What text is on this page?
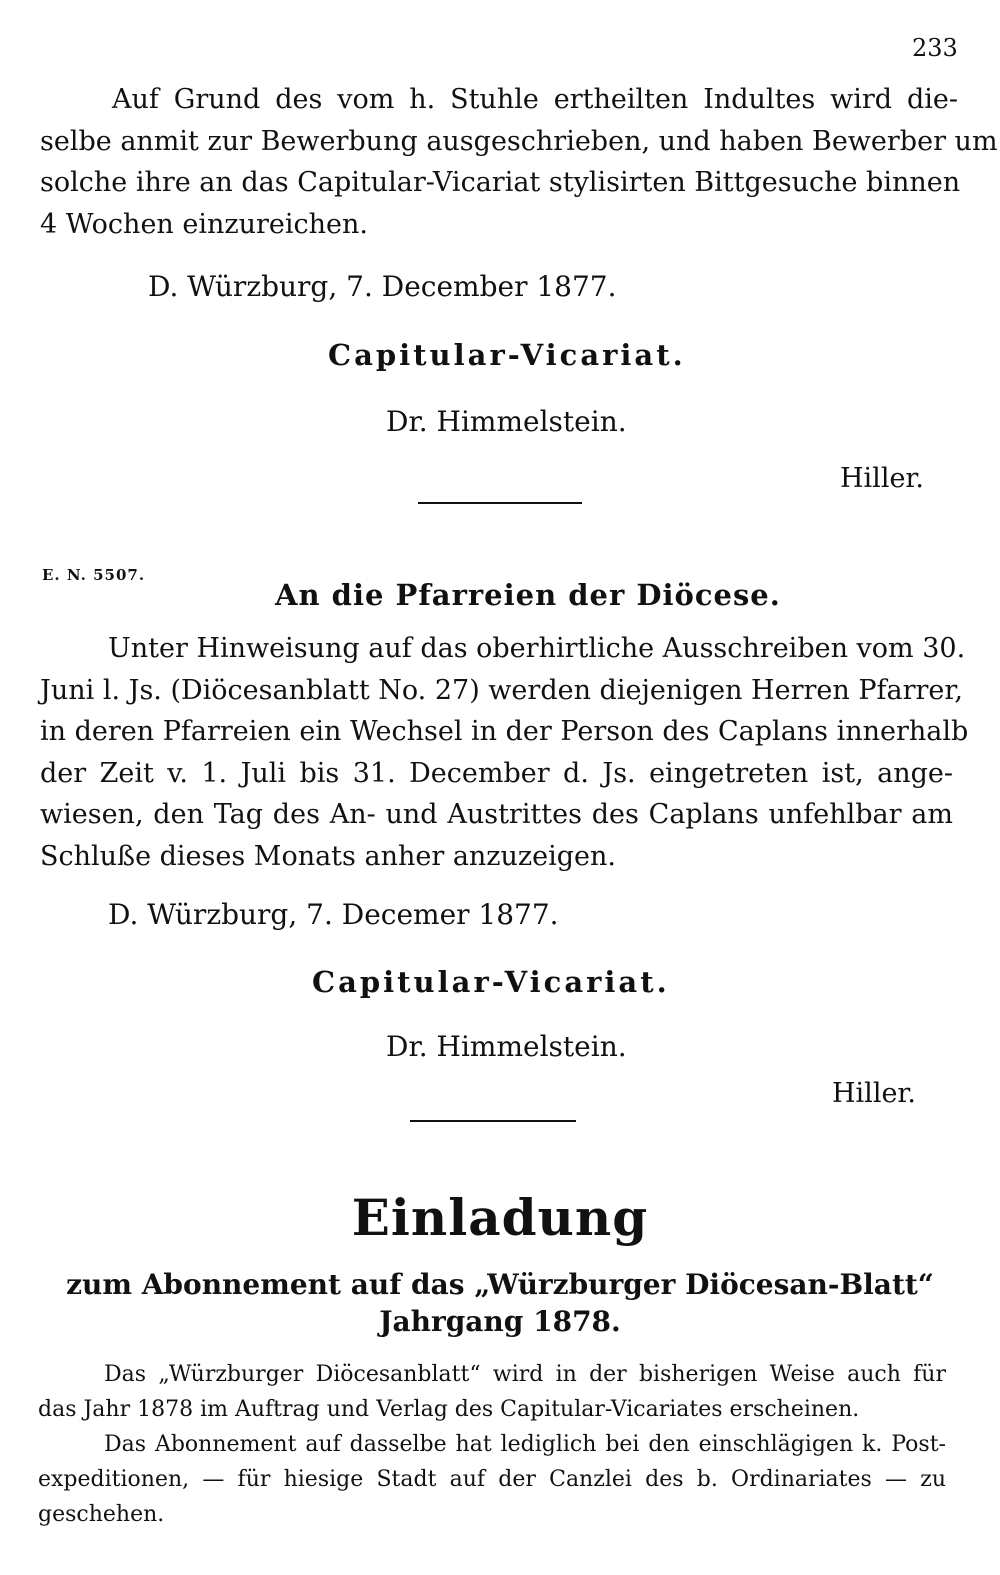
233
Auf Grund des vom h. Stuhle ertheilten Indultes wird die-
selbe anmit zur Bewerbung ausgeschrieben, und haben Bewerber um
solche ihre an das Capitular-Vicariat stylisirten Bittgesuche binnen
4 Wochen einzureichen.
D. Würzburg, 7. December 1877.
Capitular-Vicariat.
Dr. Himmelstein.
Hiller.
E. N. 5507.
An die Pfarreien der Diöcese.
Unter Hinweisung auf das oberhirtliche Ausschreiben vom 30.
Juni l. Js. (Diöcesanblatt No. 27) werden diejenigen Herren Pfarrer,
in deren Pfarreien ein Wechsel in der Person des Caplans innerhalb
der Zeit v. 1. Juli bis 31. December d. Js. eingetreten ist, ange-
wiesen, den Tag des An- und Austrittes des Caplans unfehlbar am
Schluße dieses Monats anher anzuzeigen.
D. Würzburg, 7. Decemer 1877.
Capitular-Vicariat.
Dr. Himmelstein.
Hiller.
Einladung
zum Abonnement auf das „Würzburger Diöcesan-Blatt“
Jahrgang 1878.
Das „Würzburger Diöcesanblatt“ wird in der bisherigen Weise auch für
das Jahr 1878 im Auftrag und Verlag des Capitular-Vicariates erscheinen.
Das Abonnement auf dasselbe hat lediglich bei den einschlägigen k. Post-
expeditionen, — für hiesige Stadt auf der Canzlei des b. Ordinariates — zu
geschehen.
